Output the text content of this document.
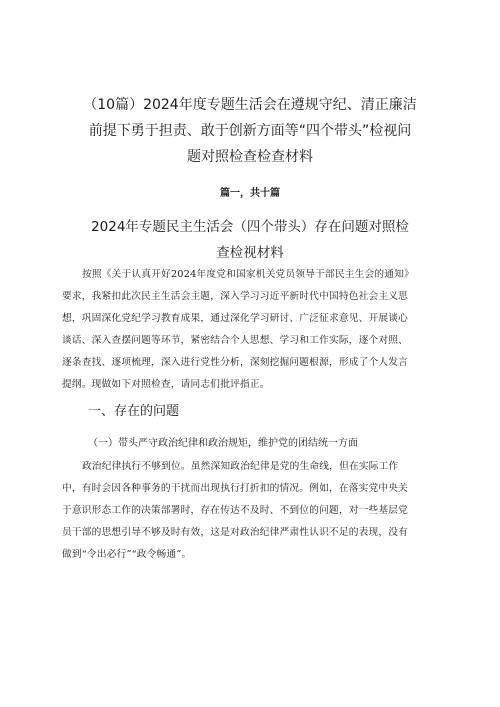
（10篇）2024年度专题生活会在遵规守纪、清正廉洁
前提下勇于担责、敢于创新方面等“四个带头”检视问
题对照检查检查材料
篇一，共十篇
2024年专题民主生活会（四个带头）存在问题对照检
查检视材料
按照《关于认真开好2024年度党和国家机关党员领导干部民主生会的通知》
要求，我紧扣此次民主生活会主题，深入学习习近平新时代中国特色社会主义思
想，巩固深化党纪学习教育成果，通过深化学习研讨、广泛征求意见、开展谈心
谈话、深入查摆问题等环节，紧密结合个人思想、学习和工作实际，逐个对照、
逐条查找、逐项梳理，深入进行党性分析，深刻挖掘问题根源，形成了个人发言
提纲。现做如下对照检查，请同志们批评指正。
一、存在的问题
（一）带头严守政治纪律和政治规矩，维护党的团结统一方面
政治纪律执行不够到位。虽然深知政治纪律是党的生命线，但在实际工作
中，有时会因各种事务的干扰而出现执行打折扣的情况。例如，在落实党中央关
于意识形态工作的决策部署时，存在传达不及时、不到位的问题，对一些基层党
员干部的思想引导不够及时有效，这是对政治纪律严肃性认识不足的表现，没有
做到“令出必行”“政令畅通”。
